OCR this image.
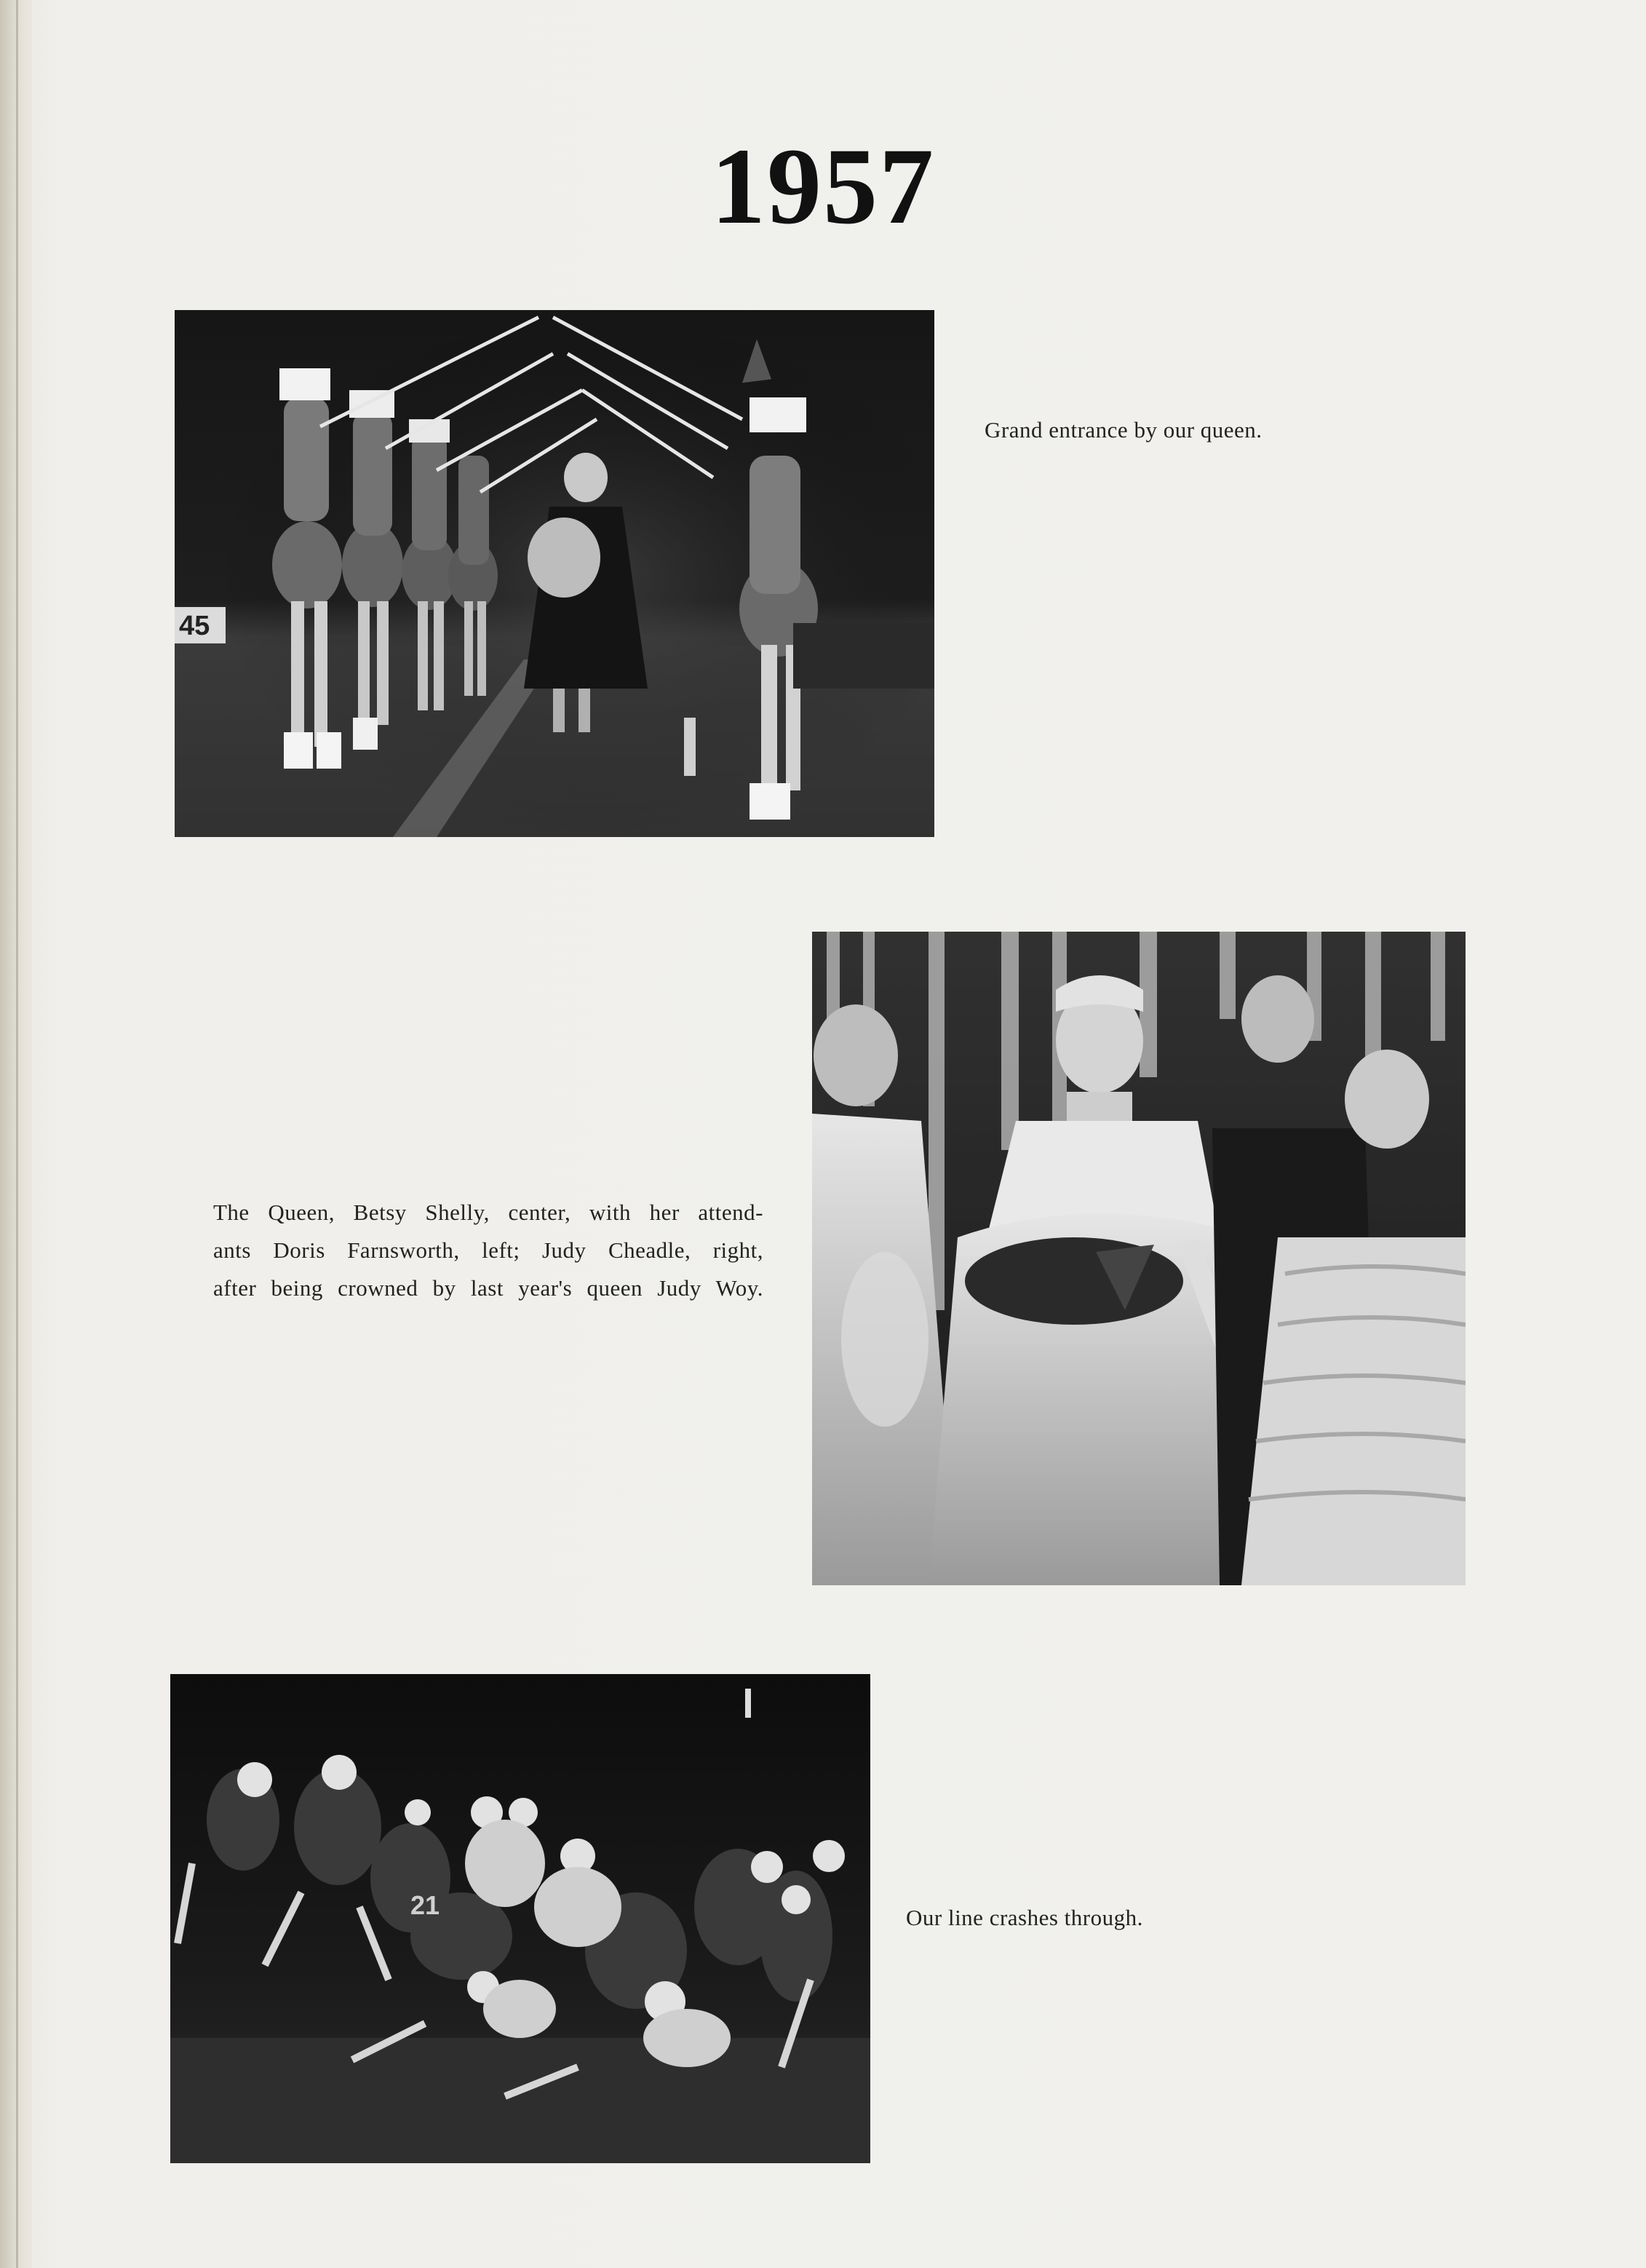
1957
45
Grand entrance by our queen.
The Queen, Betsy Shelly, center, with her attend-
ants Doris Farnsworth, left; Judy Cheadle, right,
after being crowned by last year's queen Judy Woy.
21	Our line crashes through.
